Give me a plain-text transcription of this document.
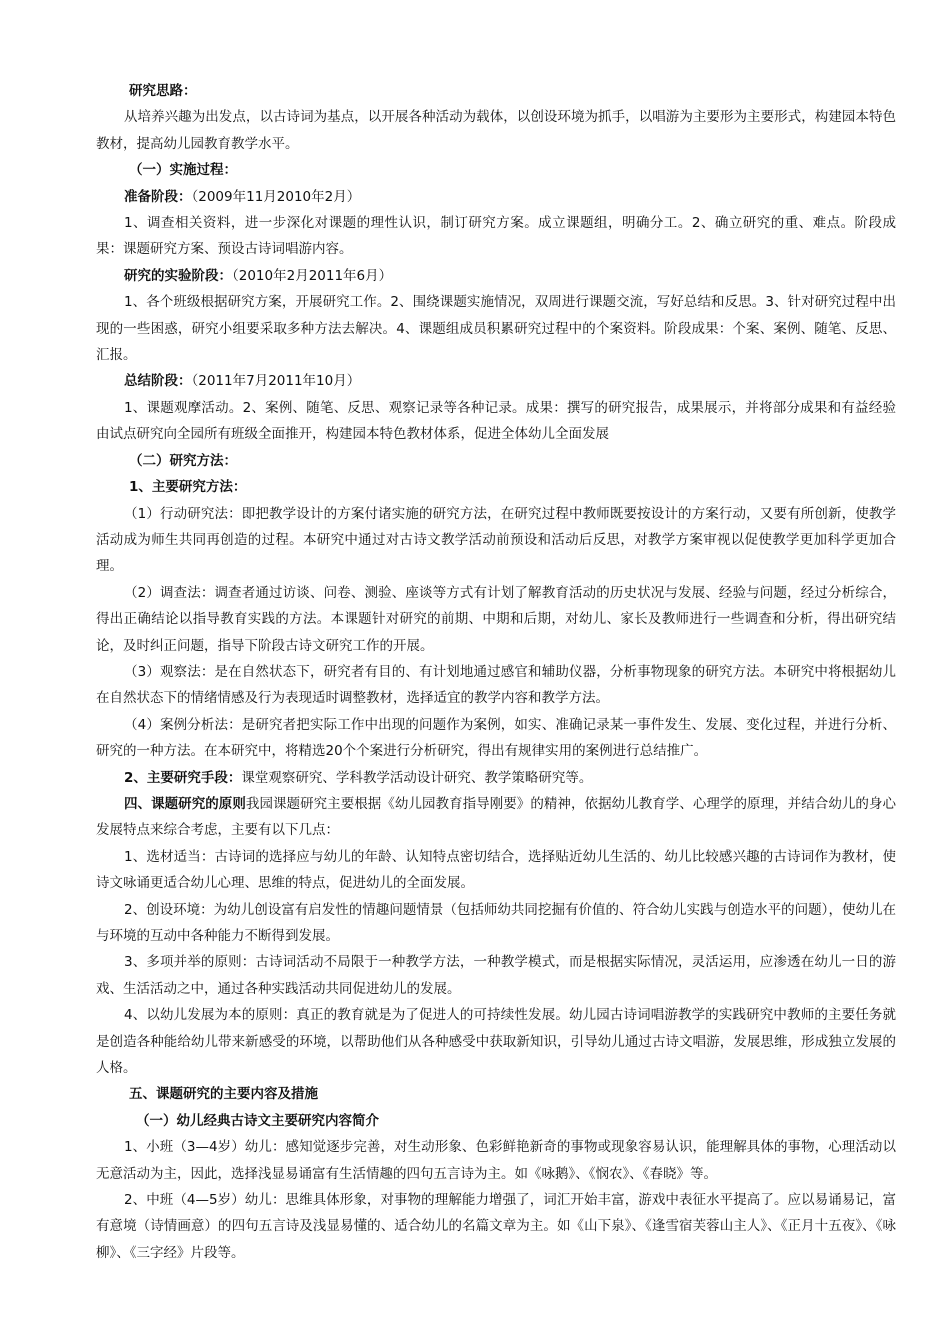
研究思路：

从培养兴趣为出发点，以古诗词为基点，以开展各种活动为载体，以创设环境为抓手，以唱游为主要形为主要形式，构建园本特色教材，提高幼儿园教育教学水平。

（一）实施过程：

准备阶段：（2009年11月2010年2月）

1、调查相关资料，进一步深化对课题的理性认识，制订研究方案。成立课题组，明确分工。2、确立研究的重、难点。阶段成果：课题研究方案、预设古诗词唱游内容。

研究的实验阶段：（2010年2月2011年6月）

1、各个班级根据研究方案，开展研究工作。2、围绕课题实施情况，双周进行课题交流，写好总结和反思。3、针对研究过程中出现的一些困惑，研究小组要采取多种方法去解决。4、课题组成员积累研究过程中的个案资料。阶段成果：个案、案例、随笔、反思、汇报。

总结阶段：（2011年7月2011年10月）

1、课题观摩活动。2、案例、随笔、反思、观察记录等各种记录。成果：撰写的研究报告，成果展示，并将部分成果和有益经验由试点研究向全园所有班级全面推开，构建园本特色教材体系，促进全体幼儿全面发展

（二）研究方法：

1、主要研究方法：

（1）行动研究法：即把教学设计的方案付诸实施的研究方法，在研究过程中教师既要按设计的方案行动，又要有所创新，使教学活动成为师生共同再创造的过程。本研究中通过对古诗文教学活动前预设和活动后反思，对教学方案审视以促使教学更加科学更加合理。

（2）调查法：调查者通过访谈、问卷、测验、座谈等方式有计划了解教育活动的历史状况与发展、经验与问题，经过分析综合，得出正确结论以指导教育实践的方法。本课题针对研究的前期、中期和后期，对幼儿、家长及教师进行一些调查和分析，得出研究结论，及时纠正问题，指导下阶段古诗文研究工作的开展。

（3）观察法：是在自然状态下，研究者有目的、有计划地通过感官和辅助仪器，分析事物现象的研究方法。本研究中将根据幼儿在自然状态下的情绪情感及行为表现适时调整教材，选择适宜的教学内容和教学方法。

（4）案例分析法：是研究者把实际工作中出现的问题作为案例，如实、准确记录某一事件发生、发展、变化过程，并进行分析、研究的一种方法。在本研究中，将精选20个个案进行分析研究，得出有规律实用的案例进行总结推广。

2、主要研究手段：课堂观察研究、学科教学活动设计研究、教学策略研究等。

四、课题研究的原则我园课题研究主要根据《幼儿园教育指导刚要》的精神，依据幼儿教育学、心理学的原理，并结合幼儿的身心发展特点来综合考虑，主要有以下几点：

1、选材适当：古诗词的选择应与幼儿的年龄、认知特点密切结合，选择贴近幼儿生活的、幼儿比较感兴趣的古诗词作为教材，使诗文咏诵更适合幼儿心理、思维的特点，促进幼儿的全面发展。

2、创设环境：为幼儿创设富有启发性的情趣问题情景（包括师幼共同挖掘有价值的、符合幼儿实践与创造水平的问题），使幼儿在与环境的互动中各种能力不断得到发展。

3、多项并举的原则：古诗词活动不局限于一种教学方法，一种教学模式，而是根据实际情况，灵活运用，应渗透在幼儿一日的游戏、生活活动之中，通过各种实践活动共同促进幼儿的发展。

4、以幼儿发展为本的原则：真正的教育就是为了促进人的可持续性发展。幼儿园古诗词唱游教学的实践研究中教师的主要任务就是创造各种能给幼儿带来新感受的环境，以帮助他们从各种感受中获取新知识，引导幼儿通过古诗文唱游，发展思维，形成独立发展的人格。

五、课题研究的主要内容及措施

（一）幼儿经典古诗文主要研究内容简介

1、小班（3—4岁）幼儿：感知觉逐步完善，对生动形象、色彩鲜艳新奇的事物或现象容易认识，能理解具体的事物，心理活动以无意活动为主，因此，选择浅显易诵富有生活情趣的四句五言诗为主。如《咏鹅》、《悯农》、《春晓》等。

2、中班（4—5岁）幼儿：思维具体形象，对事物的理解能力增强了，词汇开始丰富，游戏中表征水平提高了。应以易诵易记，富有意境（诗情画意）的四句五言诗及浅显易懂的、适合幼儿的名篇文章为主。如《山下泉》、《逢雪宿芙蓉山主人》、《正月十五夜》、《咏柳》、《三字经》片段等。
